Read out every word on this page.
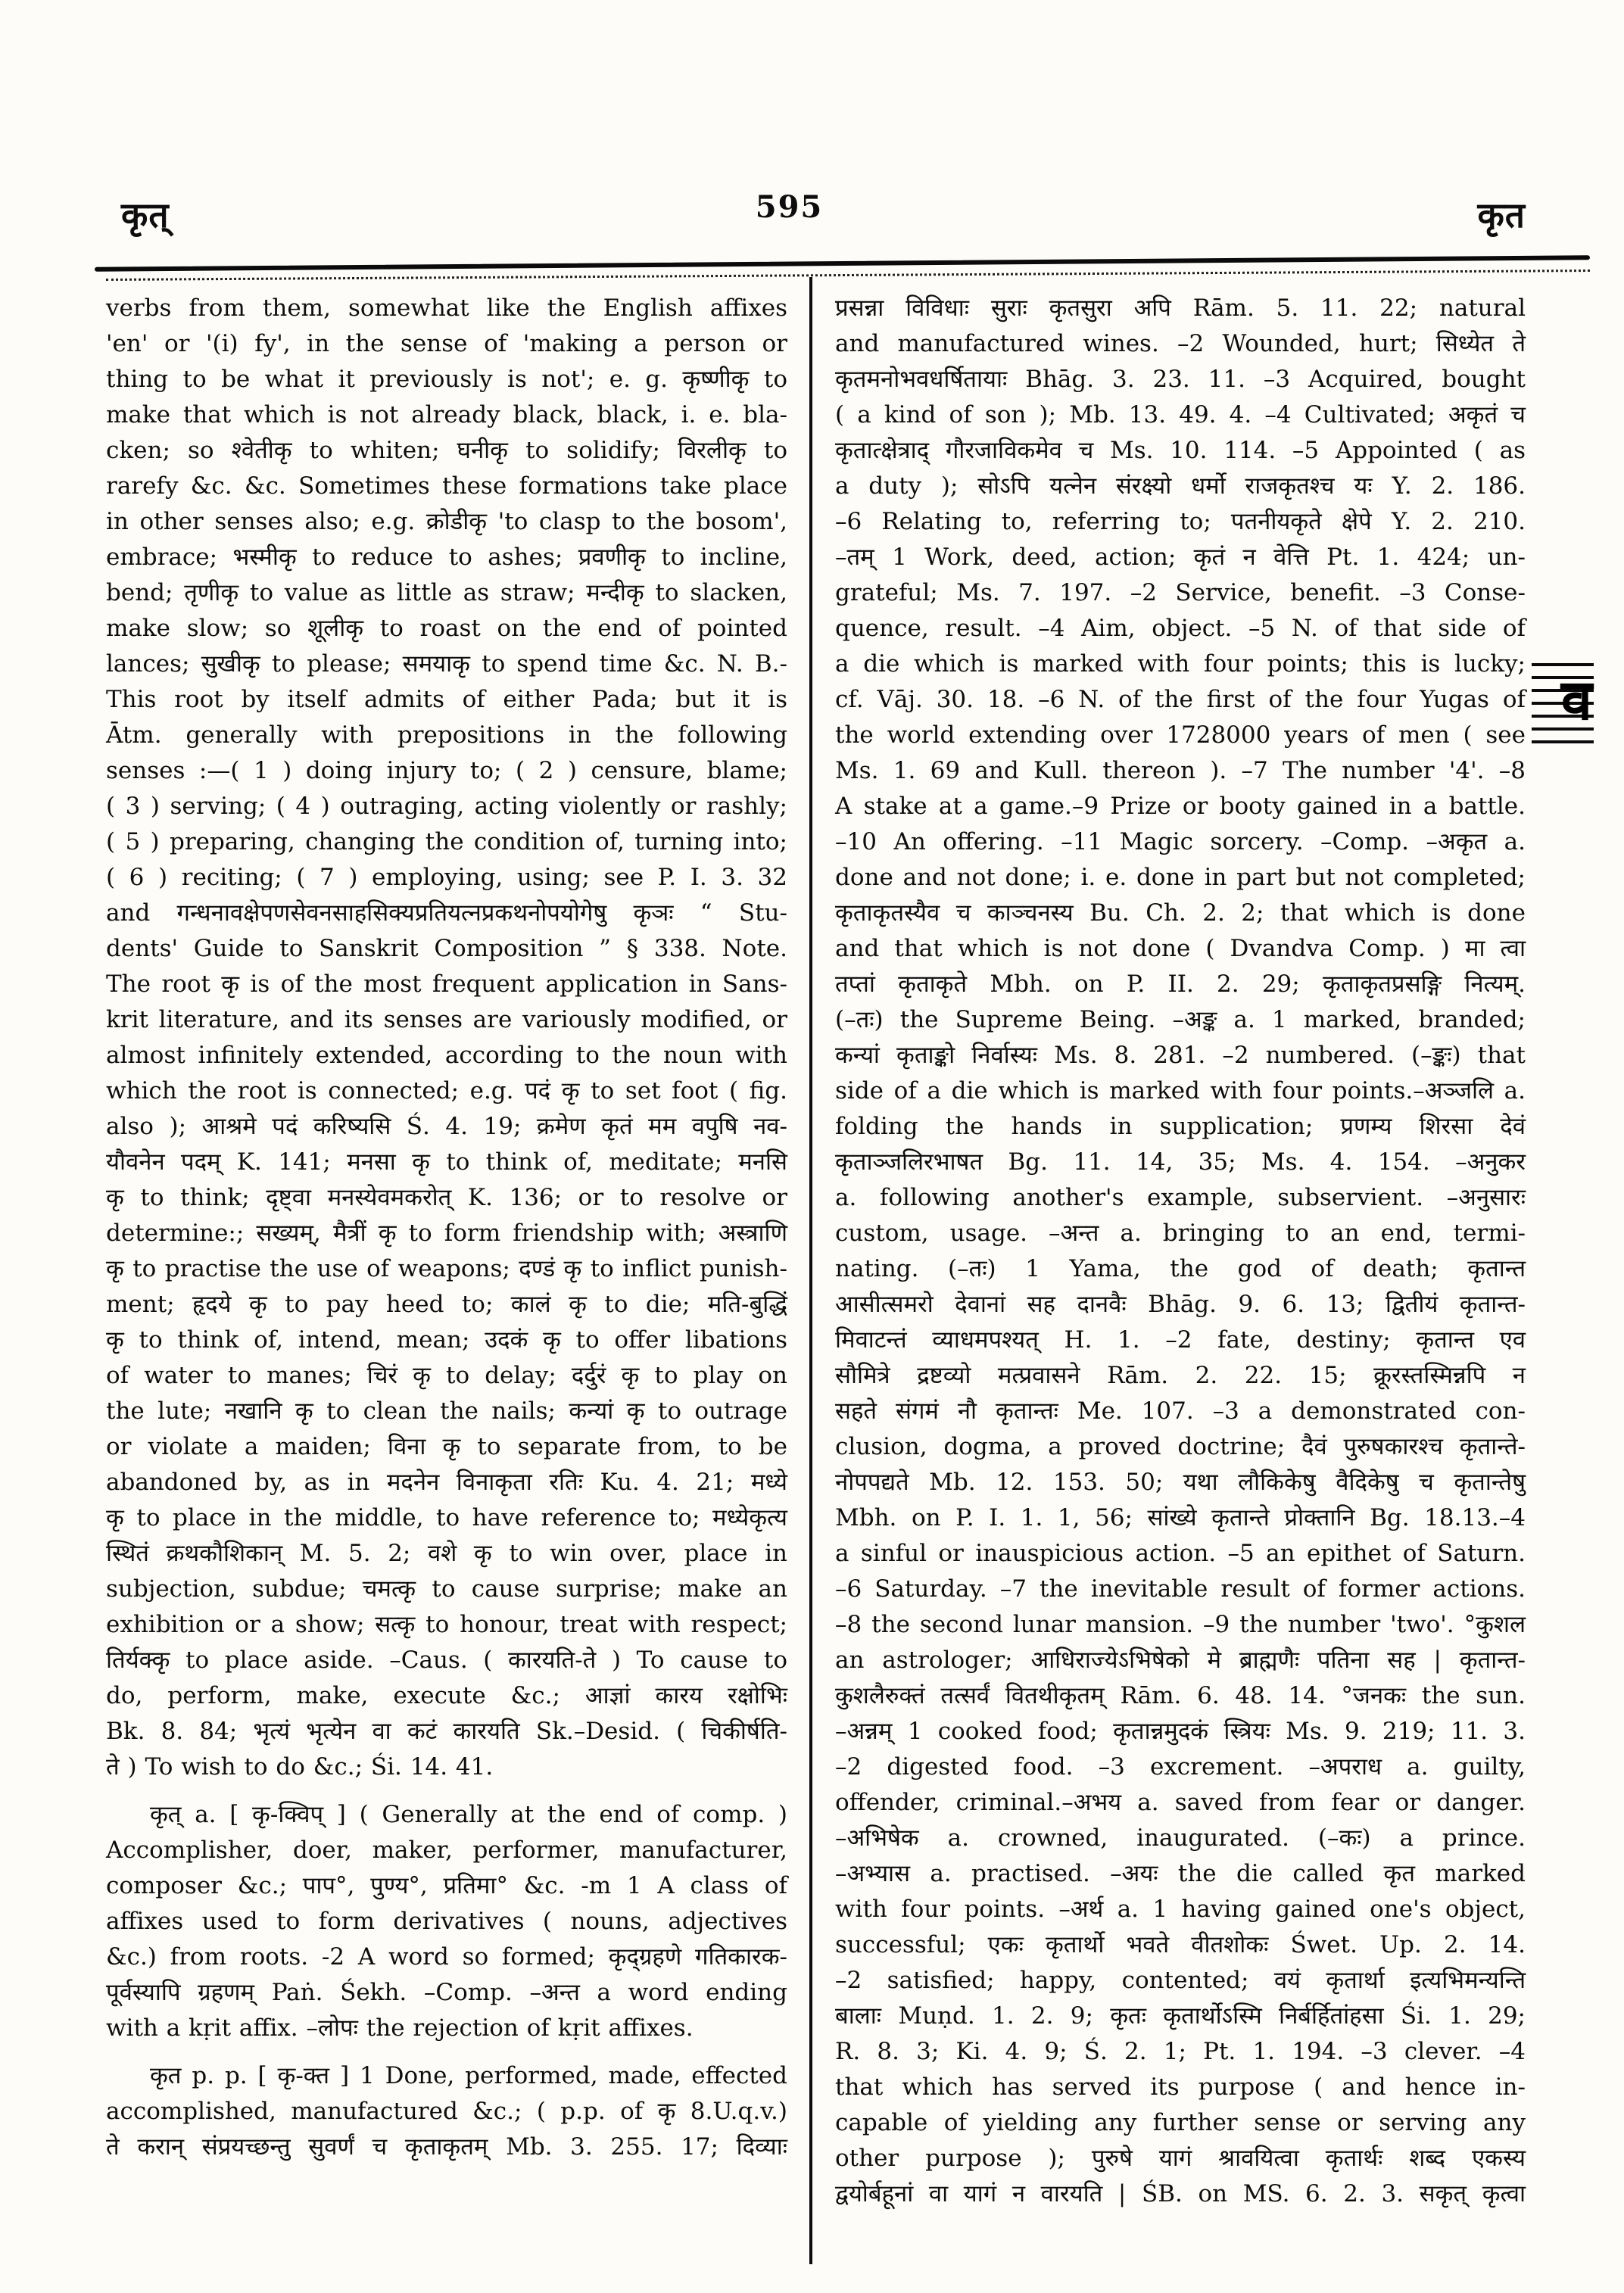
कृत्	595	कृत
verbs from them, somewhat like the English affixes
'en' or '(i) fy', in the sense of 'making a person or
thing to be what it previously is not'; e. g. कृष्णीकृ to
make that which is not already black, black, i. e. bla-
cken; so श्वेतीकृ to whiten; घनीकृ to solidify; विरलीकृ to
rarefy &c. &c. Sometimes these formations take place
in other senses also; e.g. क्रोडीकृ 'to clasp to the bosom',
embrace; भस्मीकृ to reduce to ashes; प्रवणीकृ to incline,
bend; तृणीकृ to value as little as straw; मन्दीकृ to slacken,
make slow; so शूलीकृ to roast on the end of pointed
lances; सुखीकृ to please; समयाकृ to spend time &c. N. B.-
This root by itself admits of either Pada; but it is
Ātm. generally with prepositions in the following
senses :—( 1 ) doing injury to; ( 2 ) censure, blame;
( 3 ) serving; ( 4 ) outraging, acting violently or rashly;
( 5 ) preparing, changing the condition of, turning into;
( 6 ) reciting; ( 7 ) employing, using; see P. I. 3. 32
and गन्धनावक्षेपणसेवनसाहसिक्यप्रतियत्नप्रकथनोपयोगेषु कृञः “ Stu-
dents' Guide to Sanskrit Composition ” § 338. Note.
The root कृ is of the most frequent application in Sans-
krit literature, and its senses are variously modified, or
almost infinitely extended, according to the noun with
which the root is connected; e.g. पदं कृ to set foot ( fig.
also ); आश्रमे पदं करिष्यसि Ś. 4. 19; क्रमेण कृतं मम वपुषि नव-
यौवनेन पदम् K. 141; मनसा कृ to think of, meditate; मनसि
कृ to think; दृष्ट्वा मनस्येवमकरोत् K. 136; or to resolve or
determine:; सख्यम्, मैत्रीं कृ to form friendship with; अस्त्राणि
कृ to practise the use of weapons; दण्डं कृ to inflict punish-
ment; हृदये कृ to pay heed to; कालं कृ to die; मति-बुद्धिं
कृ to think of, intend, mean; उदकं कृ to offer libations
of water to manes; चिरं कृ to delay; दर्दुरं कृ to play on
the lute; नखानि कृ to clean the nails; कन्यां कृ to outrage
or violate a maiden; विना कृ to separate from, to be
abandoned by, as in मदनेन विनाकृता रतिः Ku. 4. 21; मध्ये
कृ to place in the middle, to have reference to; मध्येकृत्य
स्थितं क्रथकौशिकान् M. 5. 2; वशे कृ to win over, place in
subjection, subdue; चमत्कृ to cause surprise; make an
exhibition or a show; सत्कृ to honour, treat with respect;
तिर्यक्कृ to place aside. –Caus. ( कारयति-ते ) To cause to
do, perform, make, execute &c.; आज्ञां कारय रक्षोभिः
Bk. 8. 84; भृत्यं भृत्येन वा कटं कारयति Sk.–Desid. ( चिकीर्षति-
ते ) To wish to do &c.; Śi. 14. 41.
कृत् a. [ कृ-क्विप् ] ( Generally at the end of comp. )
Accomplisher, doer, maker, performer, manufacturer,
composer &c.; पाप°, पुण्य°, प्रतिमा° &c. -m 1 A class of
affixes used to form derivatives ( nouns, adjectives
&c.) from roots. -2 A word so formed; कृद्ग्रहणे गतिकारक-
पूर्वस्यापि ग्रहणम् Paṅ. Śekh. –Comp. –अन्त a word ending
with a kṛit affix. –लोपः the rejection of kṛit affixes.
कृत p. p. [ कृ-क्त ] 1 Done, performed, made, effected
accomplished, manufactured &c.; ( p.p. of कृ 8.U.q.v.)
ते करान् संप्रयच्छन्तु सुवर्णं च कृताकृतम् Mb. 3. 255. 17; दिव्याः
प्रसन्ना विविधाः सुराः कृतसुरा अपि Rām. 5. 11. 22; natural
and manufactured wines. –2 Wounded, hurt; सिध्येत ते
कृतमनोभवधर्षितायाः Bhāg. 3. 23. 11. –3 Acquired, bought
( a kind of son ); Mb. 13. 49. 4. –4 Cultivated; अकृतं च
कृतात्क्षेत्राद् गौरजाविकमेव च Ms. 10. 114. –5 Appointed ( as
a duty ); सोऽपि यत्नेन संरक्ष्यो धर्मो राजकृतश्च यः Y. 2. 186.
–6 Relating to, referring to; पतनीयकृते क्षेपे Y. 2. 210.
–तम् 1 Work, deed, action; कृतं न वेत्ति Pt. 1. 424; un-
grateful; Ms. 7. 197. –2 Service, benefit. –3 Conse-
quence, result. –4 Aim, object. –5 N. of that side of
a die which is marked with four points; this is lucky;
cf. Vāj. 30. 18. –6 N. of the first of the four Yugas of
the world extending over 1728000 years of men ( see
Ms. 1. 69 and Kull. thereon ). –7 The number '4'. –8
A stake at a game.–9 Prize or booty gained in a battle.
–10 An offering. –11 Magic sorcery. –Comp. –अकृत a.
done and not done; i. e. done in part but not completed;
कृताकृतस्यैव च काञ्चनस्य Bu. Ch. 2. 2; that which is done
and that which is not done ( Dvandva Comp. ) मा त्वा
तप्तां कृताकृते Mbh. on P. II. 2. 29; कृताकृतप्रसङ्गि नित्यम्.
(–तः) the Supreme Being. –अङ्क a. 1 marked, branded;
कन्यां कृताङ्को निर्वास्यः Ms. 8. 281. –2 numbered. (–ङ्कः) that
side of a die which is marked with four points.–अञ्जलि a.
folding the hands in supplication; प्रणम्य शिरसा देवं
कृताञ्जलिरभाषत Bg. 11. 14, 35; Ms. 4. 154. –अनुकर
a. following another's example, subservient. –अनुसारः
custom, usage. –अन्त a. bringing to an end, termi-
nating. (–तः) 1 Yama, the god of death; कृतान्त
आसीत्समरो देवानां सह दानवैः Bhāg. 9. 6. 13; द्वितीयं कृतान्त-
मिवाटन्तं व्याधमपश्यत् H. 1. –2 fate, destiny; कृतान्त एव
सौमित्रे द्रष्टव्यो मत्प्रवासने Rām. 2. 22. 15; क्रूरस्तस्मिन्नपि न
सहते संगमं नौ कृतान्तः Me. 107. –3 a demonstrated con-
clusion, dogma, a proved doctrine; दैवं पुरुषकारश्च कृतान्ते-
नोपपद्यते Mb. 12. 153. 50; यथा लौकिकेषु वैदिकेषु च कृतान्तेषु
Mbh. on P. I. 1. 1, 56; सांख्ये कृतान्ते प्रोक्तानि Bg. 18.13.–4
a sinful or inauspicious action. –5 an epithet of Saturn.
–6 Saturday. –7 the inevitable result of former actions.
–8 the second lunar mansion. –9 the number 'two'. °कुशल
an astrologer; आधिराज्येऽभिषेको मे ब्राह्मणैः पतिना सह | कृतान्त-
कुशलैरुक्तं तत्सर्वं वितथीकृतम् Rām. 6. 48. 14. °जनकः the sun.
–अन्नम् 1 cooked food; कृतान्नमुदकं स्त्रियः Ms. 9. 219; 11. 3.
–2 digested food. –3 excrement. –अपराध a. guilty,
offender, criminal.–अभय a. saved from fear or danger.
–अभिषेक a. crowned, inaugurated. (–कः) a prince.
–अभ्यास a. practised. –अयः the die called कृत marked
with four points. –अर्थ a. 1 having gained one's object,
successful; एकः कृतार्थो भवते वीतशोकः Śwet. Up. 2. 14.
–2 satisfied; happy, contented; वयं कृतार्था इत्यभिमन्यन्ति
बालाः Muṇd. 1. 2. 9; कृतः कृतार्थोऽस्मि निर्बर्हितांहसा Śi. 1. 29;
R. 8. 3; Ki. 4. 9; Ś. 2. 1; Pt. 1. 194. –3 clever. –4
that which has served its purpose ( and hence in-
capable of yielding any further sense or serving any
other purpose ); पुरुषे यागं श्रावयित्वा कृतार्थः शब्द एकस्य
द्वयोर्बहूनां वा यागं न वारयति | ŚB. on MS. 6. 2. 3. सकृत् कृत्वा
व
